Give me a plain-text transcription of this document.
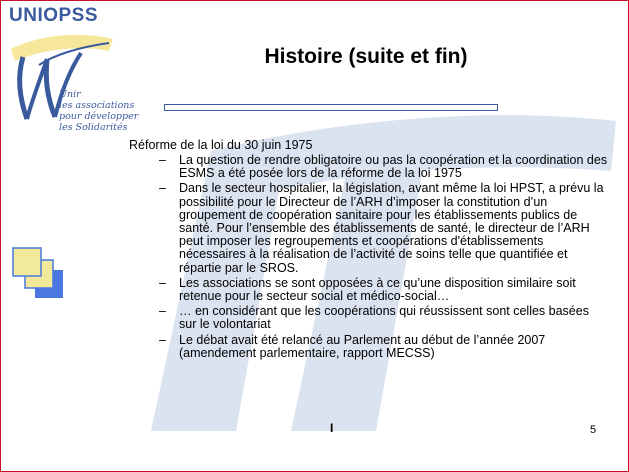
UNIOPSS
Unir
les associations
pour développer
les Solidarités
Histoire (suite et fin)

Réforme de la loi du 30 juin 1975

– La question de rendre obligatoire ou pas la coopération et la coordination des ESMS a été posée lors de la réforme de la loi 1975
– Dans le secteur hospitalier, la législation, avant même la loi HPST, a prévu la possibilité pour le Directeur de l’ARH d’imposer la constitution d’un groupement de coopération sanitaire pour les établissements publics de santé. Pour l’ensemble des établissements de santé, le directeur de l’ARH peut imposer les regroupements et coopérations d'établissements nécessaires à la réalisation de l’activité de soins telle que quantifiée et répartie par le SROS.
– Les associations se sont opposées à ce qu’une disposition similaire soit retenue pour le secteur social et médico-social…
– … en considérant que les coopérations qui réussissent sont celles basées sur le volontariat
– Le débat avait été relancé au Parlement au début de l’année 2007 (amendement parlementaire, rapport MECSS)
I	5
